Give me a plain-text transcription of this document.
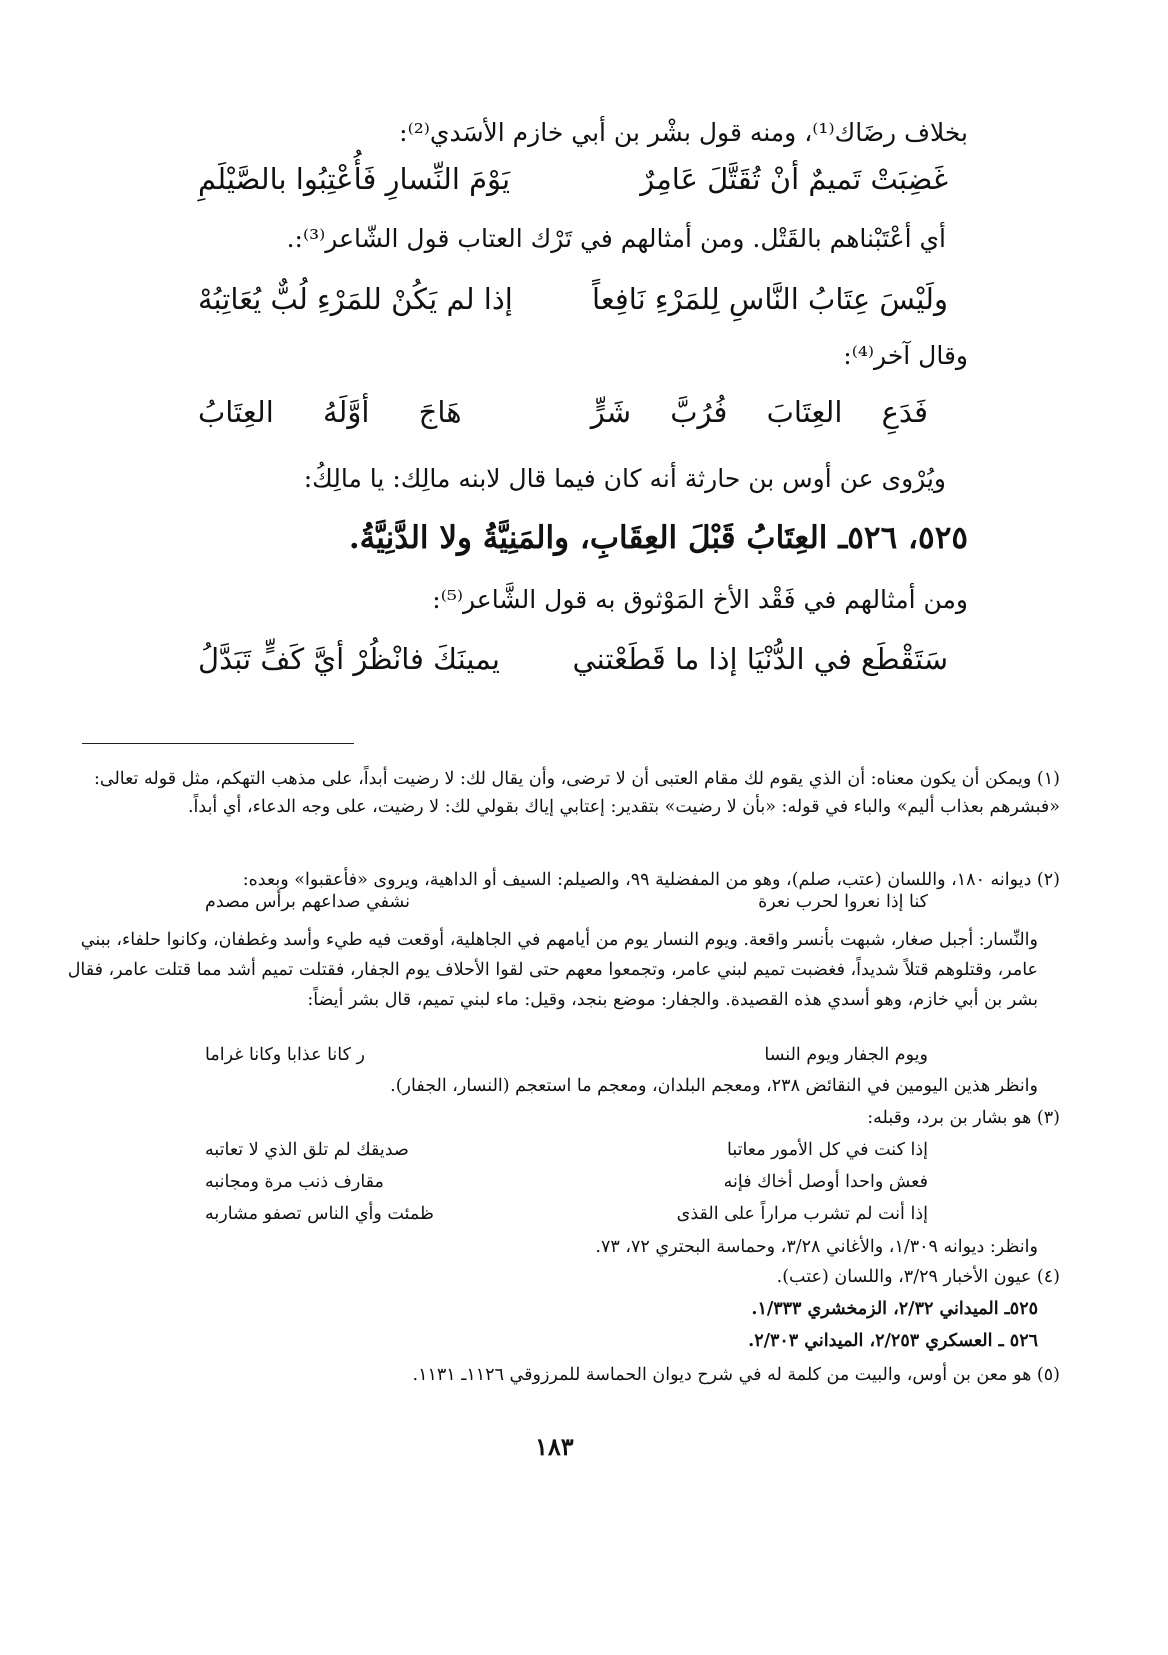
بخلاف رضَاك⁽¹⁾، ومنه قول بشْر بن أبي خازم الأسَدي⁽²⁾:
غَضِبَتْ تَميمٌ أنْ تُقَتَّلَ عَامِرٌ
يَوْمَ النِّسارِ فَأُعْتِبُوا بالصَّيْلَمِ
أي أعْتَبْناهم بالقَتْل. ومن أمثالهم في تَرْك العتاب قول الشّاعر⁽³⁾:.
ولَيْسَ عِتَابُ النَّاسِ لِلمَرْءِ نَافِعاً
إذا لم يَكُنْ للمَرْءِ لُبٌّ يُعَاتِبُهْ
وقال آخر⁽⁴⁾:
فَدَعِ العِتَابَ فُرُبَّ شَرٍّ
هَاجَ أوَّلَهُ العِتَابُ
ويُرْوى عن أوس بن حارثة أنه كان فيما قال لابنه مالِك: يا مالِكُ:
٥٢٥، ٥٢٦ـ العِتَابُ قَبْلَ العِقَابِ، والمَنِيَّةُ ولا الدَّنِيَّةُ.
ومن أمثالهم في فَقْد الأخ المَوْثوق به قول الشَّاعر⁽⁵⁾:
سَتَقْطَع في الدُّنْيَا إذا ما قَطَعْتني
يمينَكَ فانْظُرْ أيَّ كَفٍّ تَبَدَّلُ
(١) ويمكن أن يكون معناه: أن الذي يقوم لك مقام العتبى أن لا ترضى، وأن يقال لك: لا رضيت أبداً، على مذهب التهكم، مثل قوله تعالى: «فبشرهم بعذاب أليم» والباء في قوله: «بأن لا رضيت» بتقدير: إعتابي إياك بقولي لك: لا رضيت، على وجه الدعاء، أي أبداً.
(٢) ديوانه ١٨٠، واللسان (عتب، صلم)، وهو من المفضلية ٩٩، والصيلم: السيف أو الداهية، ويروى «فأعقبوا» وبعده:
كنا إذا نعروا لحرب نعرة
نشفي صداعهم برأس مصدم
والنِّسار: أجبل صغار، شبهت بأنسر واقعة. ويوم النسار يوم من أيامهم في الجاهلية، أوقعت فيه طيء وأسد وغطفان، وكانوا حلفاء، ببني عامر، وقتلوهم قتلاً شديداً، فغضبت تميم لبني عامر، وتجمعوا معهم حتى لقوا الأحلاف يوم الجفار، فقتلت تميم أشد مما قتلت عامر، فقال بشر بن أبي خازم، وهو أسدي هذه القصيدة. والجفار: موضع بنجد، وقيل: ماء لبني تميم، قال بشر أيضاً:
ويوم الجفار ويوم النسا
ر كانا عذابا وكانا غراما
وانظر هذين اليومين في النقائض ٢٣٨، ومعجم البلدان، ومعجم ما استعجم (النسار، الجفار).
(٣) هو بشار بن برد، وقبله:
إذا كنت في كل الأمور معاتبا
صديقك لم تلق الذي لا تعاتبه
فعش واحدا أوصل أخاك فإنه
مقارف ذنب مرة ومجانبه
إذا أنت لم تشرب مراراً على القذى
ظمئت وأي الناس تصفو مشاربه
وانظر: ديوانه ١/٣٠٩، والأغاني ٣/٢٨، وحماسة البحتري ٧٢، ٧٣.
(٤) عيون الأخبار ٣/٢٩، واللسان (عتب).
٥٢٥ـ الميداني ٢/٣٢، الزمخشري ١/٣٣٣.
٥٢٦ ـ العسكري ٢/٢٥٣، الميداني ٢/٣٠٣.
(٥) هو معن بن أوس، والبيت من كلمة له في شرح ديوان الحماسة للمرزوقي ١١٢٦ـ ١١٣١.
١٨٣
